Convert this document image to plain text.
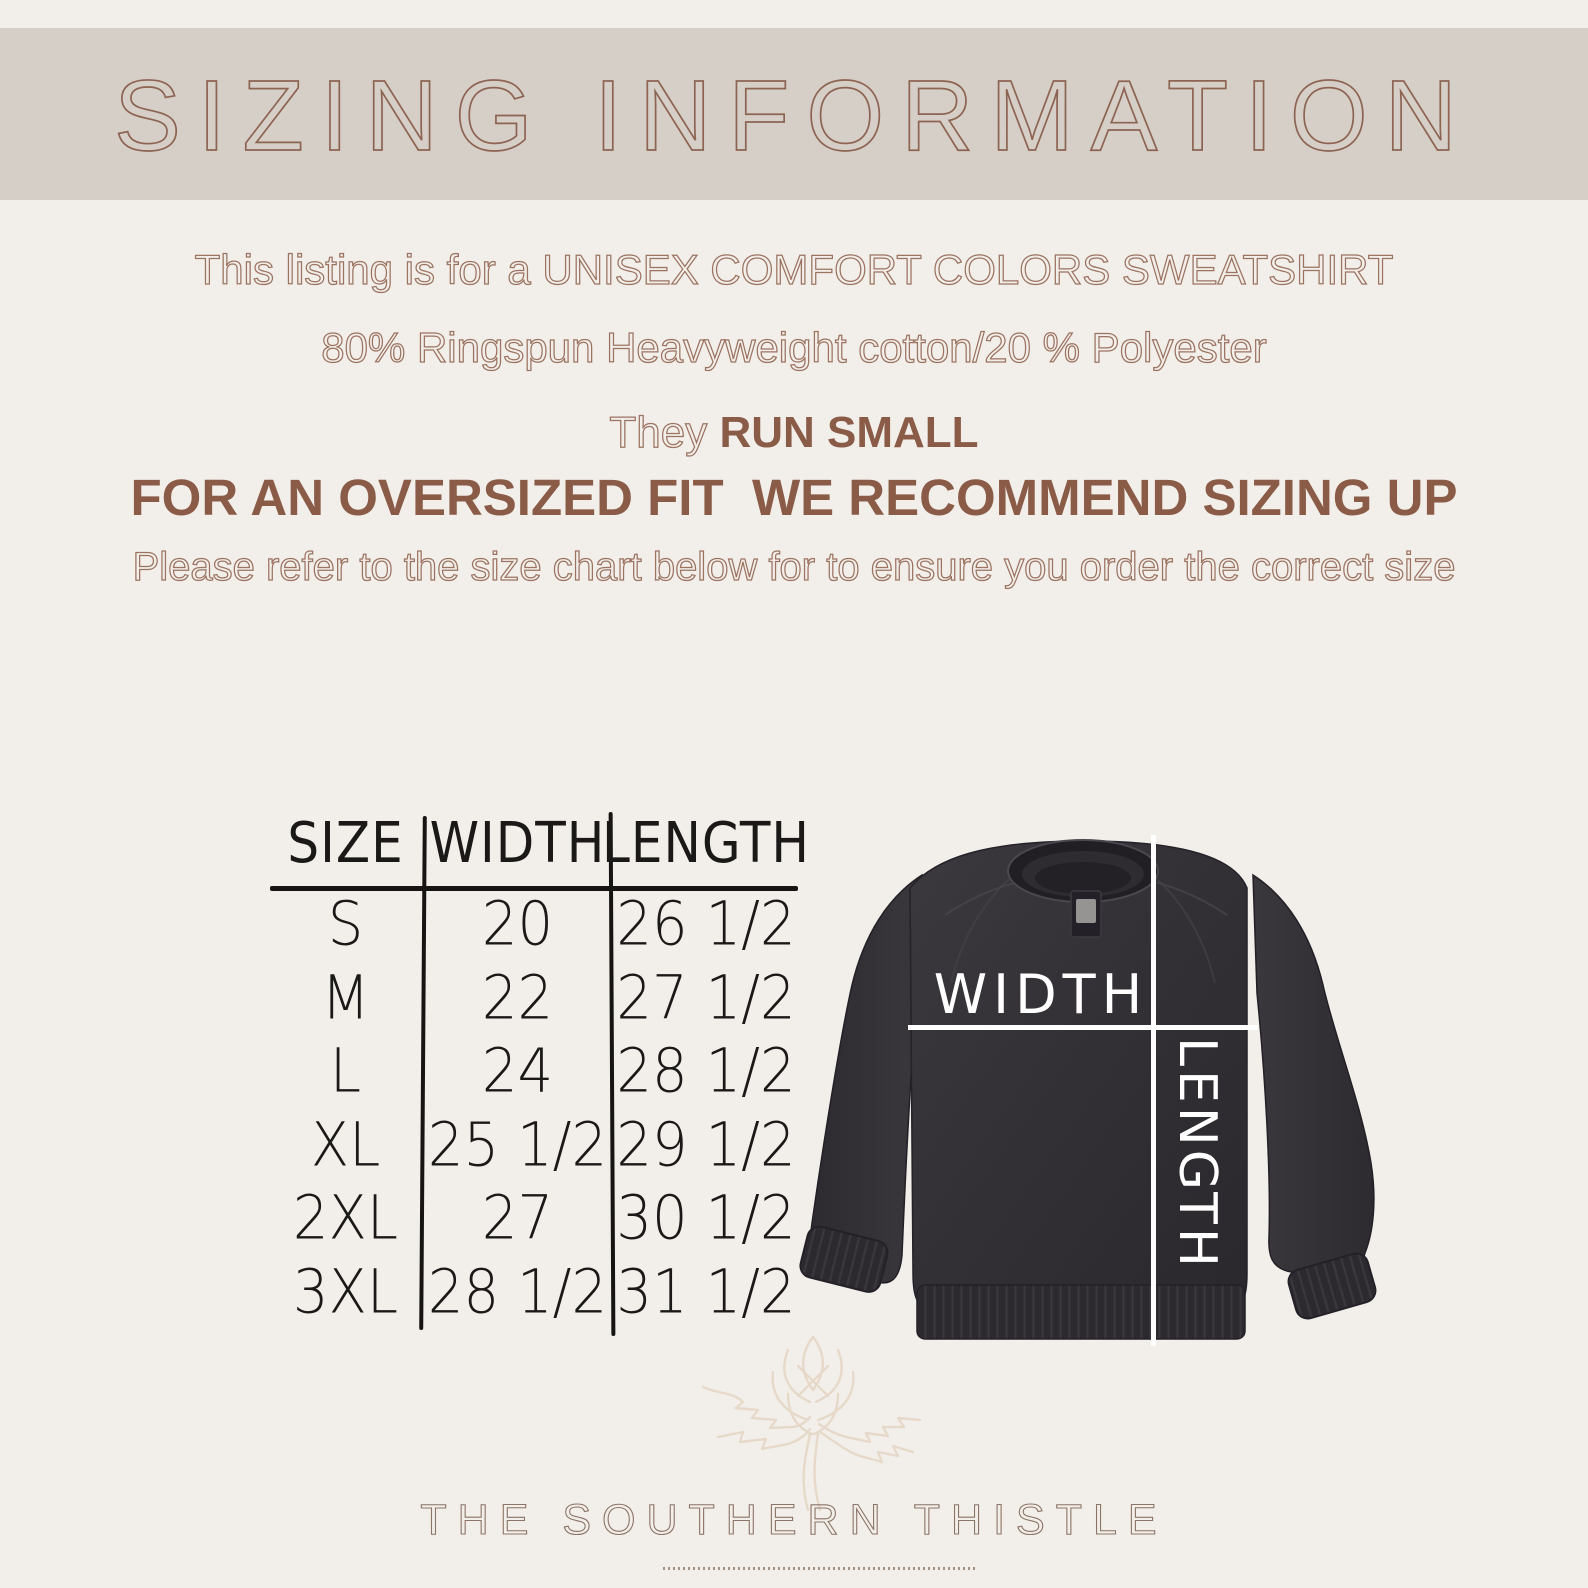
SIZING INFORMATION

This listing is for a UNISEX COMFORT COLORS SWEATSHIRT

80% Ringspun Heavyweight cotton/20 % Polyester

They RUN SMALL

FOR AN OVERSIZED FIT  WE RECOMMEND SIZING UP

Please refer to the size chart below for to ensure you order the correct size

SIZE WIDTH
LENGTH
S 20 26 1/2
M 22 27 1/2
L 24 28 1/2
XL 25 1/2 29 1/2
2XL 27 30 1/2
3XL 28 1/2 31 1/2
WIDTH
LENGTH

THE SOUTHERN THISTLE
